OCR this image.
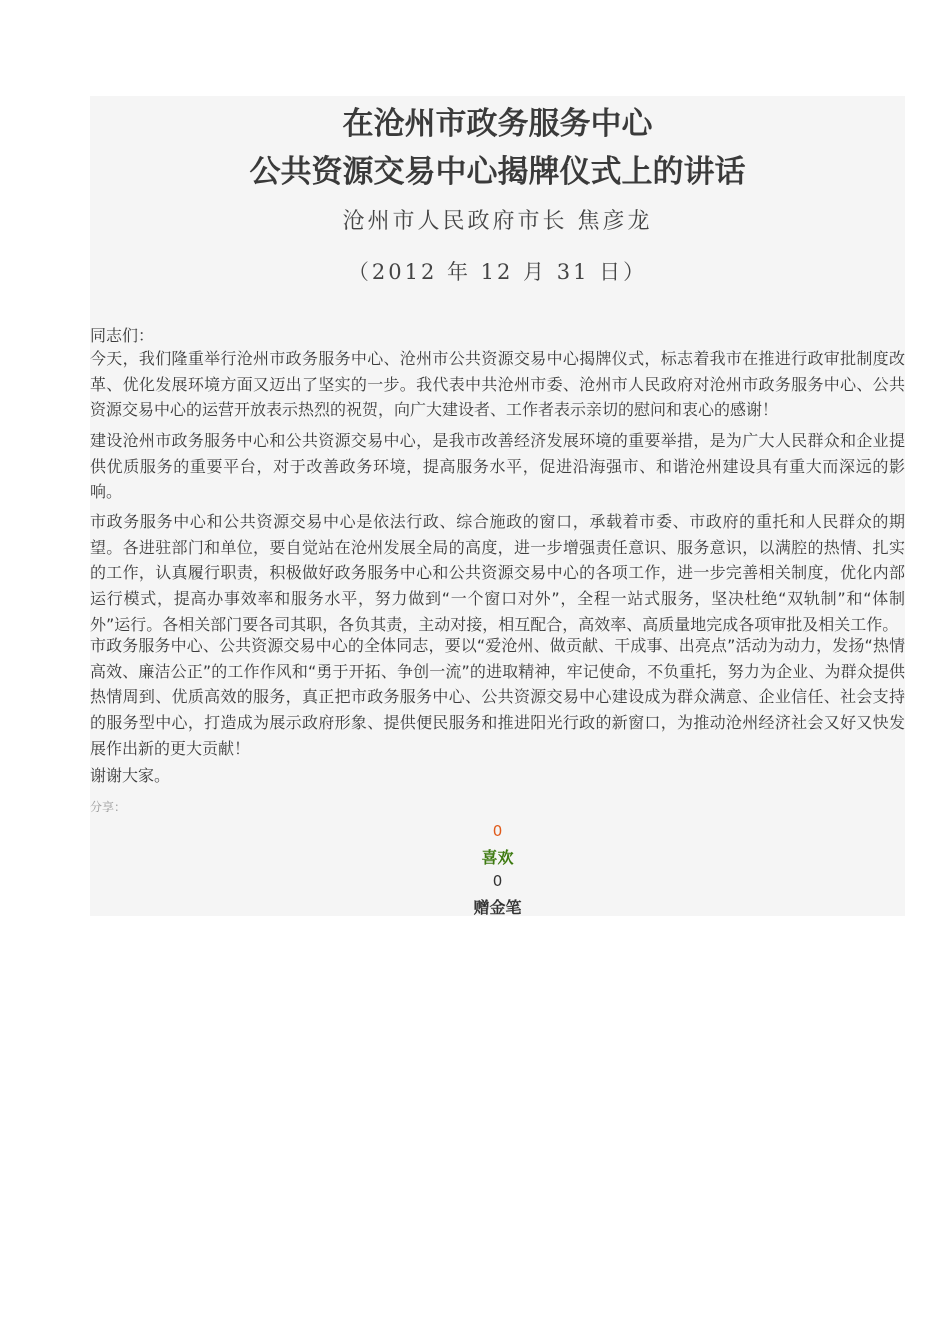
在沧州市政务服务中心
公共资源交易中心揭牌仪式上的讲话
沧州市人民政府市长 焦彦龙
（2012 年 12 月 31 日）
同志们：
今天，我们隆重举行沧州市政务服务中心、沧州市公共资源交易中心揭牌仪式，标志着我市在推进行政审批制度改革、优化发展环境方面又迈出了坚实的一步。我代表中共沧州市委、沧州市人民政府对沧州市政务服务中心、公共资源交易中心的运营开放表示热烈的祝贺，向广大建设者、工作者表示亲切的慰问和衷心的感谢！
建设沧州市政务服务中心和公共资源交易中心，是我市改善经济发展环境的重要举措，是为广大人民群众和企业提供优质服务的重要平台，对于改善政务环境，提高服务水平，促进沿海强市、和谐沧州建设具有重大而深远的影响。
市政务服务中心和公共资源交易中心是依法行政、综合施政的窗口，承载着市委、市政府的重托和人民群众的期望。各进驻部门和单位，要自觉站在沧州发展全局的高度，进一步增强责任意识、服务意识，以满腔的热情、扎实的工作，认真履行职责，积极做好政务服务中心和公共资源交易中心的各项工作，进一步完善相关制度，优化内部运行模式，提高办事效率和服务水平，努力做到“一个窗口对外”，全程一站式服务，坚决杜绝“双轨制”和“体制外”运行。各相关部门要各司其职，各负其责，主动对接，相互配合，高效率、高质量地完成各项审批及相关工作。
市政务服务中心、公共资源交易中心的全体同志，要以“爱沧州、做贡献、干成事、出亮点”活动为动力，发扬“热情高效、廉洁公正”的工作作风和“勇于开拓、争创一流”的进取精神，牢记使命，不负重托，努力为企业、为群众提供热情周到、优质高效的服务，真正把市政务服务中心、公共资源交易中心建设成为群众满意、企业信任、社会支持的服务型中心，打造成为展示政府形象、提供便民服务和推进阳光行政的新窗口，为推动沧州经济社会又好又快发展作出新的更大贡献！
谢谢大家。
分享：
0
喜欢
0
赠金笔
